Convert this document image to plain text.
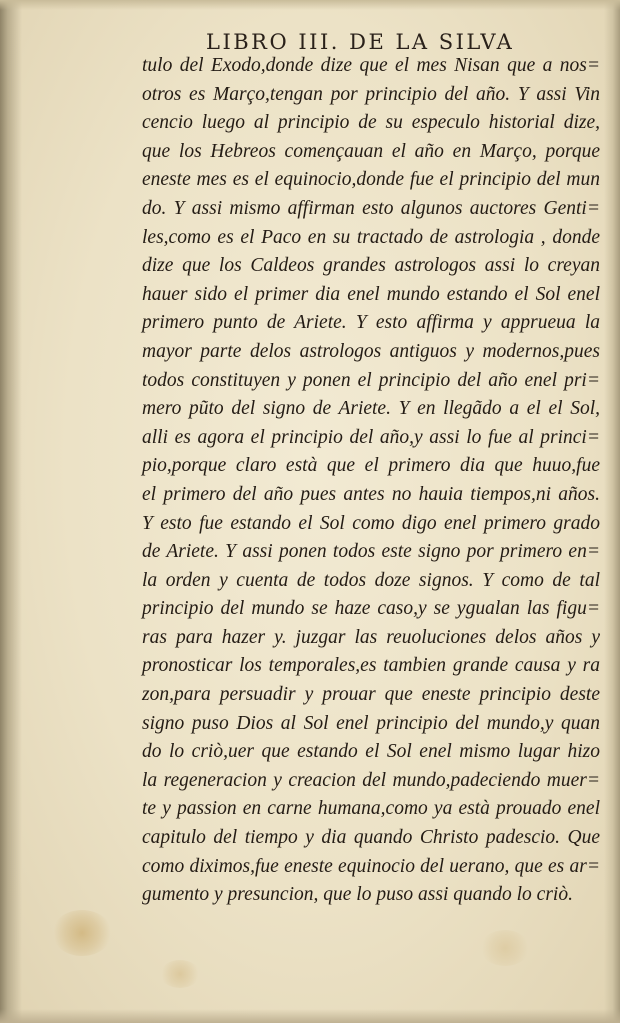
LIBRO III. DE LA SILVA
tulo del Exodo,donde dize que el mes Nisan que a nos=
otros es Março,tengan por principio del año. Y assi Vin
cencio luego al principio de su especulo historial dize,
que los Hebreos començauan el año en Março, porque
eneste mes es el equinocio,donde fue el principio del mun
do. Y assi mismo affirman esto algunos auctores Genti=
les,como es el Paco en su tractado de astrologia , donde
dize que los Caldeos grandes astrologos assi lo creyan
hauer sido el primer dia enel mundo estando el Sol enel
primero punto de Ariete. Y esto affirma y apprueua la
mayor parte delos astrologos antiguos y modernos,pues
todos constituyen y ponen el principio del año enel pri=
mero pũto del signo de Ariete. Y en llegãdo a el el Sol,
alli es agora el principio del año,y assi lo fue al princi=
pio,porque claro està que el primero dia que huuo,fue
el primero del año pues antes no hauia tiempos,ni años.
Y esto fue estando el Sol como digo enel primero grado
de Ariete. Y assi ponen todos este signo por primero en=
la orden y cuenta de todos doze signos. Y como de tal
principio del mundo se haze caso,y se ygualan las figu=
ras para hazer y. juzgar las reuoluciones delos años y
pronosticar los temporales,es tambien grande causa y ra
zon,para persuadir y prouar que eneste principio deste
signo puso Dios al Sol enel principio del mundo,y quan
do lo criò,uer que estando el Sol enel mismo lugar hizo
la regeneracion y creacion del mundo,padeciendo muer=
te y passion en carne humana,como ya està prouado enel
capitulo del tiempo y dia quando Christo padescio. Que
como diximos,fue eneste equinocio del uerano, que es ar=
gumento y presuncion, que lo puso assi quando lo criò.
